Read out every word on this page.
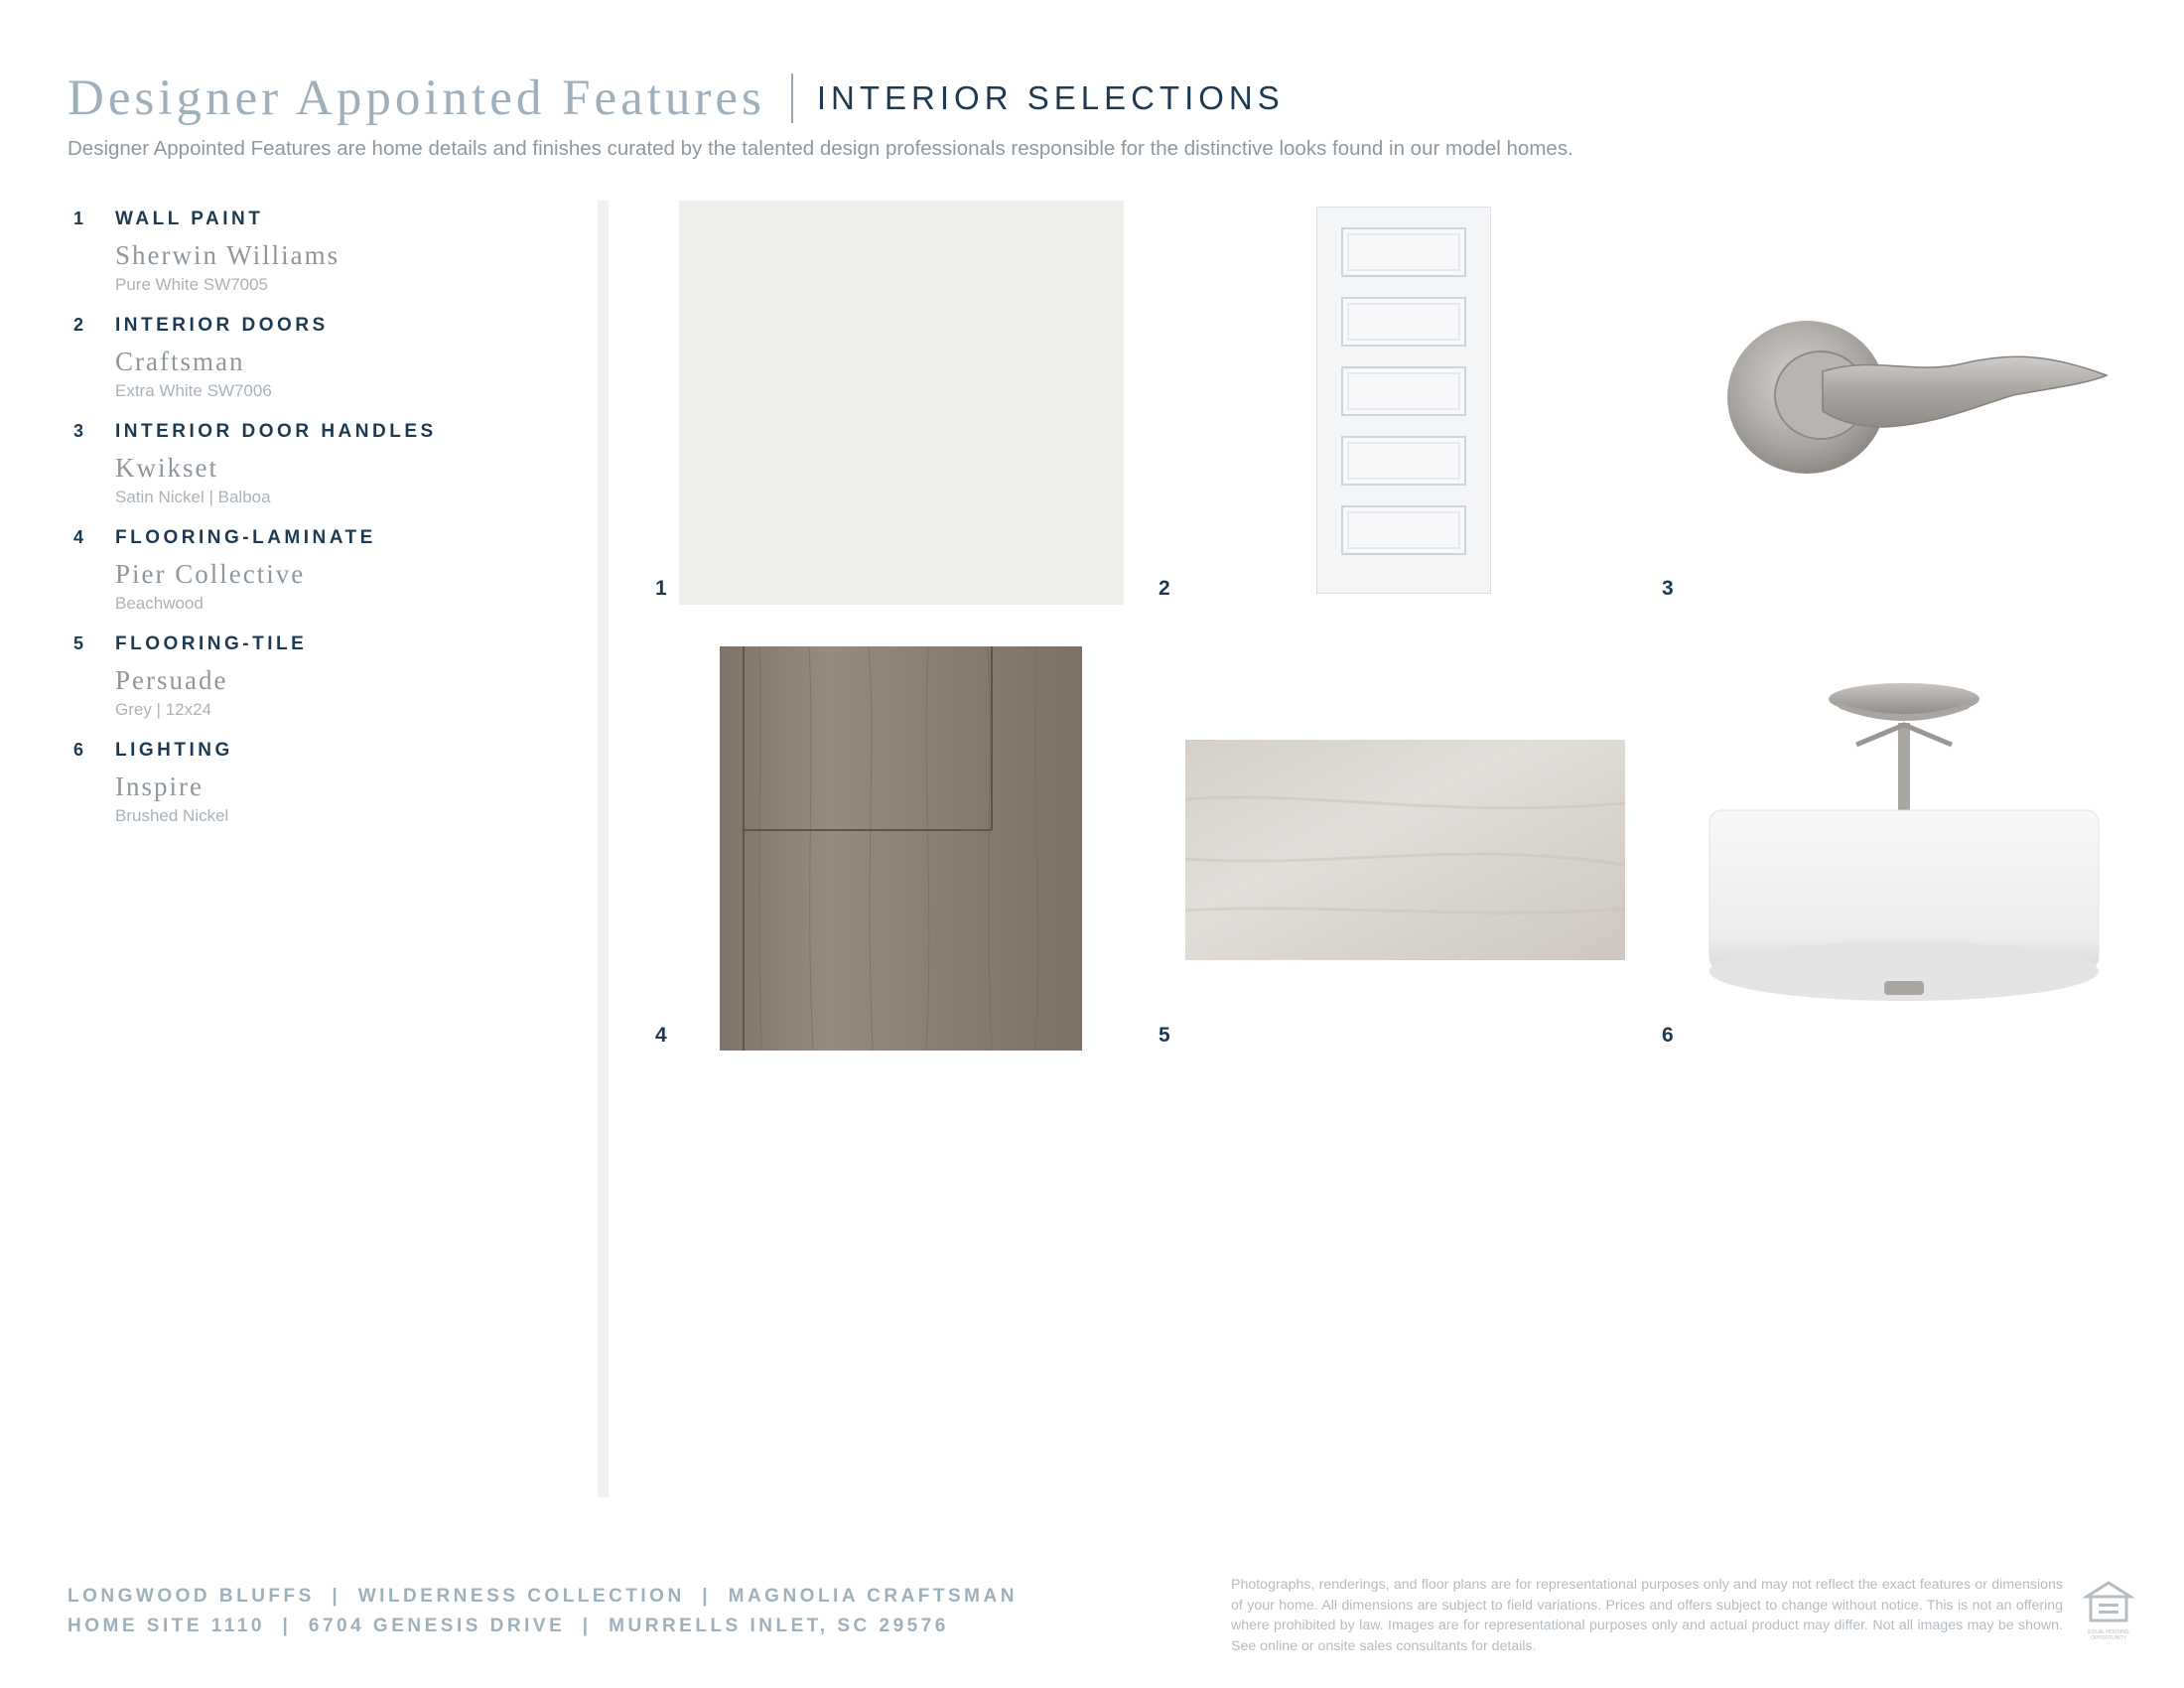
Designer Appointed Features INTERIOR SELECTIONS
Designer Appointed Features are home details and finishes curated by the talented design professionals responsible for the distinctive looks found in our model homes.
1 WALL PAINT
Sherwin Williams
Pure White SW7005
2 INTERIOR DOORS
Craftsman
Extra White SW7006
3 INTERIOR DOOR HANDLES
Kwikset
Satin Nickel | Balboa
4 FLOORING-LAMINATE
Pier Collective
Beachwood
5 FLOORING-TILE
Persuade
Grey | 12x24
6 LIGHTING
Inspire
Brushed Nickel
1	2	3
4	5	6
LONGWOOD BLUFFS  |  WILDERNESS COLLECTION  |  MAGNOLIA CRAFTSMAN
HOME SITE 1110  |  6704 GENESIS DRIVE  |  MURRELLS INLET, SC 29576
Photographs, renderings, and floor plans are for representational purposes only and may not reflect the exact features or dimensions of your home. All dimensions are subject to field variations. Prices and offers subject to change without notice. This is not an offering where prohibited by law. Images are for representational purposes only and actual product may differ. Not all images may be shown. See online or onsite sales consultants for details.
EQUAL HOUSING OPPORTUNITY
